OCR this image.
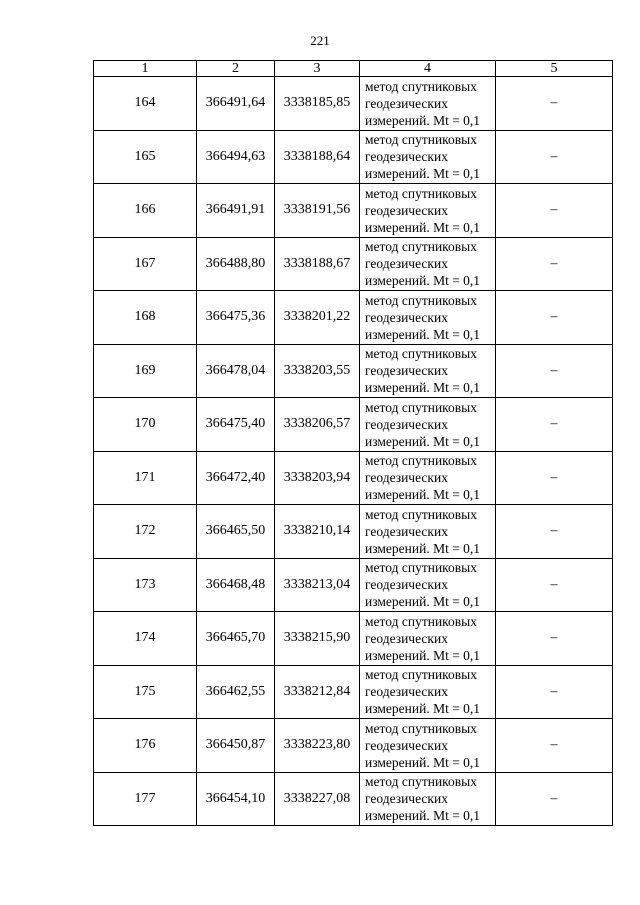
221
1	2	3	4	5
164	366491,64	3338185,85	метод спутниковых
геодезических
измерений. Mt = 0,1	–
165	366494,63	3338188,64	метод спутниковых
геодезических
измерений. Mt = 0,1	–
166	366491,91	3338191,56	метод спутниковых
геодезических
измерений. Mt = 0,1	–
167	366488,80	3338188,67	метод спутниковых
геодезических
измерений. Mt = 0,1	–
168	366475,36	3338201,22	метод спутниковых
геодезических
измерений. Mt = 0,1	–
169	366478,04	3338203,55	метод спутниковых
геодезических
измерений. Mt = 0,1	–
170	366475,40	3338206,57	метод спутниковых
геодезических
измерений. Mt = 0,1	–
171	366472,40	3338203,94	метод спутниковых
геодезических
измерений. Mt = 0,1	–
172	366465,50	3338210,14	метод спутниковых
геодезических
измерений. Mt = 0,1	–
173	366468,48	3338213,04	метод спутниковых
геодезических
измерений. Mt = 0,1	–
174	366465,70	3338215,90	метод спутниковых
геодезических
измерений. Mt = 0,1	–
175	366462,55	3338212,84	метод спутниковых
геодезических
измерений. Mt = 0,1	–
176	366450,87	3338223,80	метод спутниковых
геодезических
измерений. Mt = 0,1	–
177	366454,10	3338227,08	метод спутниковых
геодезических
измерений. Mt = 0,1	–
